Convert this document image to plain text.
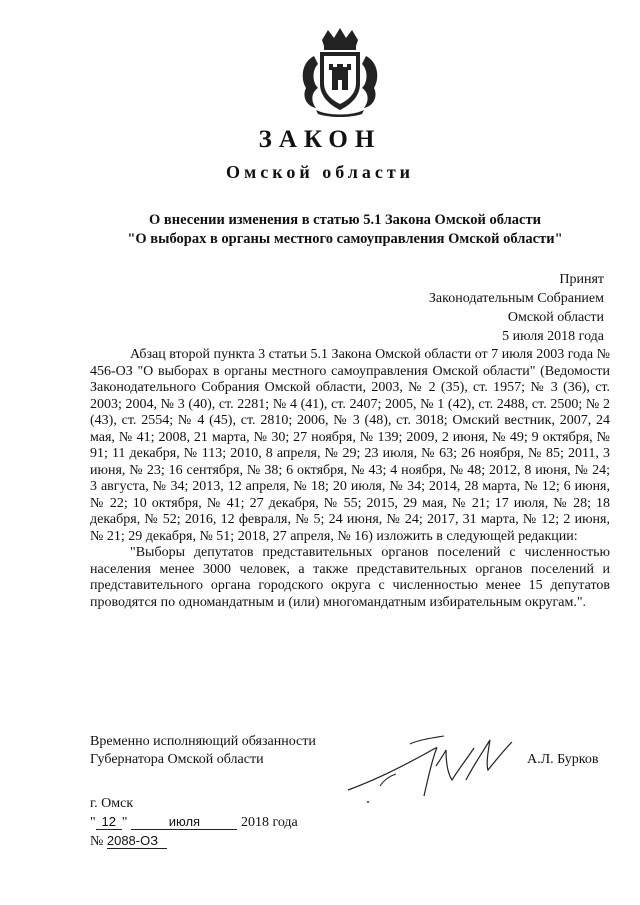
ЗАКОН
Омской области
О внесении изменения в статью 5.1 Закона Омской области
"О выборах в органы местного самоуправления Омской области"
Принят
Законодательным Собранием
Омской области
5 июля 2018 года

Абзац второй пункта 3 статьи 5.1 Закона Омской области от 7 июля 2003 года № 456-ОЗ "О выборах в органы местного самоуправления Омской области" (Ведомости Законодательного Собрания Омской области, 2003, № 2 (35), ст. 1957; № 3 (36), ст. 2003; 2004, № 3 (40), ст. 2281; № 4 (41), ст. 2407; 2005, № 1 (42), ст. 2488, ст. 2500; № 2 (43), ст. 2554; № 4 (45), ст. 2810; 2006, № 3 (48), ст. 3018; Омский вестник, 2007, 24 мая, № 41; 2008, 21 марта, № 30; 27 ноября, № 139; 2009, 2 июня, № 49; 9 октября, № 91; 11 декабря, № 113; 2010, 8 апреля, № 29; 23 июля, № 63; 26 ноября, № 85; 2011, 3 июня, № 23; 16 сентября, № 38; 6 октября, № 43; 4 ноября, № 48; 2012, 8 июня, № 24; 3 августа, № 34; 2013, 12 апреля, № 18; 20 июля, № 34; 2014, 28 марта, № 12; 6 июня, № 22; 10 октября, № 41; 27 декабря, № 55; 2015, 29 мая, № 21; 17 июля, № 28; 18 декабря, № 52; 2016, 12 февраля, № 5; 24 июня, № 24; 2017, 31 марта, № 12; 2 июня, № 21; 29 декабря, № 51; 2018, 27 апреля, № 16) изложить в следующей редакции:

"Выборы депутатов представительных органов поселений с численностью населения менее 3000 человек, а также представительных органов поселений и представительного органа городского округа с численностью менее 15 депутатов проводятся по одномандатным и (или) многомандатным избирательным округам.".

Временно исполняющий обязанности
Губернатора Омской области	А.Л. Бурков
г. Омск
" 12 "	июля	2018 года
№ 2088-ОЗ
